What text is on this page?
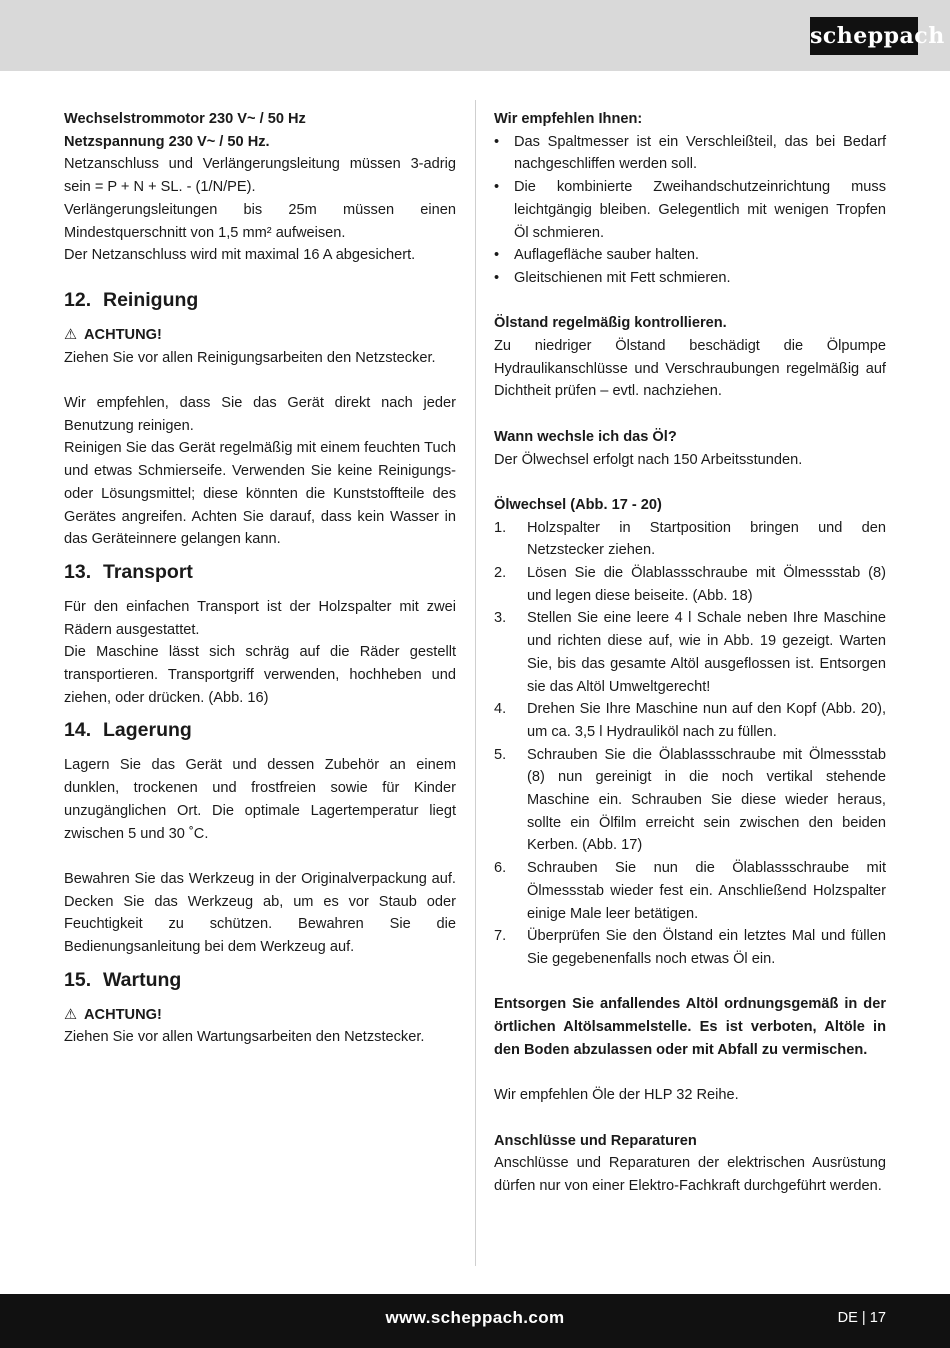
scheppach

Wechselstrommotor 230 V~ / 50 Hz

Netzspannung 230 V~ / 50 Hz.

Netzanschluss und Verlängerungsleitung müssen 3-adrig sein = P + N + SL. - (1/N/PE).

Verlängerungsleitungen bis 25m müssen einen Mindestquerschnitt von 1,5 mm² aufweisen.

Der Netzanschluss wird mit maximal 16 A abgesichert.

12. Reinigung

⚠ ACHTUNG!

Ziehen Sie vor allen Reinigungsarbeiten den Netzstecker.

Wir empfehlen, dass Sie das Gerät direkt nach jeder Benutzung reinigen.

Reinigen Sie das Gerät regelmäßig mit einem feuchten Tuch und etwas Schmierseife. Verwenden Sie keine Reinigungs- oder Lösungsmittel; diese könnten die Kunststoffteile des Gerätes angreifen. Achten Sie darauf, dass kein Wasser in das Geräteinnere gelangen kann.

13. Transport

Für den einfachen Transport ist der Holzspalter mit zwei Rädern ausgestattet.

Die Maschine lässt sich schräg auf die Räder gestellt transportieren. Transportgriff verwenden, hochheben und ziehen, oder drücken. (Abb. 16)

14. Lagerung

Lagern Sie das Gerät und dessen Zubehör an einem dunklen, trockenen und frostfreien sowie für Kinder unzugänglichen Ort. Die optimale Lagertemperatur liegt zwischen 5 und 30 ˚C.

Bewahren Sie das Werkzeug in der Originalverpackung auf. Decken Sie das Werkzeug ab, um es vor Staub oder Feuchtigkeit zu schützen. Bewahren Sie die Bedienungsanleitung bei dem Werkzeug auf.

15. Wartung

⚠ ACHTUNG!

Ziehen Sie vor allen Wartungsarbeiten den Netzstecker.

Wir empfehlen Ihnen:

•	Das Spaltmesser ist ein Verschleißteil, das bei Bedarf nachgeschliffen werden soll.
•	Die kombinierte Zweihandschutzeinrichtung muss leichtgängig bleiben. Gelegentlich mit wenigen Tropfen Öl schmieren.
•	Auflagefläche sauber halten.
•	Gleitschienen mit Fett schmieren.

Ölstand regelmäßig kontrollieren.

Zu niedriger Ölstand beschädigt die Ölpumpe Hydraulikanschlüsse und Verschraubungen regelmäßig auf Dichtheit prüfen – evtl. nachziehen.

Wann wechsle ich das Öl?

Der Ölwechsel erfolgt nach 150 Arbeitsstunden.

Ölwechsel (Abb. 17 - 20)

1.	Holzspalter in Startposition bringen und den Netzstecker ziehen.
2.	Lösen Sie die Ölablassschraube mit Ölmessstab (8) und legen diese beiseite. (Abb. 18)
3.	Stellen Sie eine leere 4 l Schale neben Ihre Maschine und richten diese auf, wie in Abb. 19 gezeigt. Warten Sie, bis das gesamte Altöl ausgeflossen ist. Entsorgen sie das Altöl Umweltgerecht!
4.	Drehen Sie Ihre Maschine nun auf den Kopf (Abb. 20), um ca. 3,5 l Hydrauliköl nach zu füllen.
5.	Schrauben Sie die Ölablassschraube mit Ölmessstab (8) nun gereinigt in die noch vertikal stehende Maschine ein. Schrauben Sie diese wieder heraus, sollte ein Ölfilm erreicht sein zwischen den beiden Kerben. (Abb. 17)
6.	Schrauben Sie nun die Ölablassschraube mit Ölmessstab wieder fest ein. Anschließend Holzspalter einige Male leer betätigen.
7.	Überprüfen Sie den Ölstand ein letztes Mal und füllen Sie gegebenenfalls noch etwas Öl ein.

Entsorgen Sie anfallendes Altöl ordnungsgemäß in der örtlichen Altölsammelstelle. Es ist verboten, Altöle in den Boden abzulassen oder mit Abfall zu vermischen.

Wir empfehlen Öle der HLP 32 Reihe.

Anschlüsse und Reparaturen

Anschlüsse und Reparaturen der elektrischen Ausrüstung dürfen nur von einer Elektro-Fachkraft durchgeführt werden.

www.scheppach.com	DE | 17
